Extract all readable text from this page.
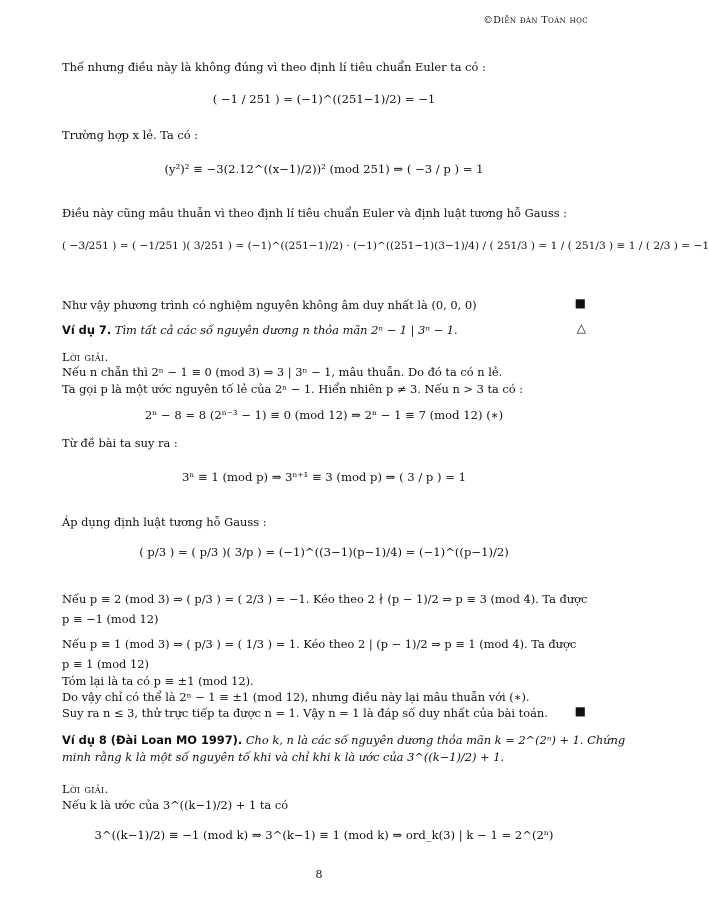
©Diễn đàn Toán học
Thế nhưng điều này là không đúng vì theo định lí tiêu chuẩn Euler ta có :
( −1 / 251 ) = (−1)^((251−1)/2) = −1
Trường hợp x lẻ. Ta có :
(y²)² ≡ −3(2.12^((x−1)/2))² (mod 251) ⇒ ( −3 / p ) = 1
Điều này cũng mâu thuẫn vì theo định lí tiêu chuẩn Euler và định luật tương hỗ Gauss :
( −3/251 ) = ( −1/251 )( 3/251 ) = (−1)^((251−1)/2) · (−1)^((251−1)(3−1)/4) / ( 251/3 ) = 1 / ( 251/3 ) ≡ 1 / ( 2/3 ) = −1
Như vậy phương trình có nghiệm nguyên không âm duy nhất là (0, 0, 0)	■
Ví dụ 7. Tìm tất cả các số nguyên dương n thỏa mãn 2ⁿ − 1 | 3ⁿ − 1.	△
Lời giải.
Nếu n chẵn thì 2ⁿ − 1 ≡ 0 (mod 3) ⇒ 3 | 3ⁿ − 1, mâu thuẫn. Do đó ta có n lẻ.
Ta gọi p là một ước nguyên tố lẻ của 2ⁿ − 1. Hiển nhiên p ≠ 3. Nếu n > 3 ta có :
2ⁿ − 8 = 8 (2ⁿ⁻³ − 1) ≡ 0 (mod 12) ⇒ 2ⁿ − 1 ≡ 7 (mod 12) (∗)
Từ đề bài ta suy ra :
3ⁿ ≡ 1 (mod p) ⇒ 3ⁿ⁺¹ ≡ 3 (mod p) ⇒ ( 3 / p ) = 1
Áp dụng định luật tương hỗ Gauss :
( p/3 ) = ( p/3 )( 3/p ) = (−1)^((3−1)(p−1)/4) = (−1)^((p−1)/2)
Nếu p ≡ 2 (mod 3) ⇒ ( p/3 ) = ( 2/3 ) = −1. Kéo theo 2 ∤ (p − 1)/2 ⇒ p ≡ 3 (mod 4). Ta được
p ≡ −1 (mod 12)
Nếu p ≡ 1 (mod 3) ⇒ ( p/3 ) = ( 1/3 ) = 1. Kéo theo 2 | (p − 1)/2 ⇒ p ≡ 1 (mod 4). Ta được
p ≡ 1 (mod 12)
Tóm lại là ta có p ≡ ±1 (mod 12).
Do vậy chỉ có thể là 2ⁿ − 1 ≡ ±1 (mod 12), nhưng điều này lại mâu thuẫn với (∗).
Suy ra n ≤ 3, thử trực tiếp ta được n = 1. Vậy n = 1 là đáp số duy nhất của bài toán.	■
Ví dụ 8 (Đài Loan MO 1997). Cho k, n là các số nguyên dương thỏa mãn k = 2^(2ⁿ) + 1. Chứng
minh rằng k là một số nguyên tố khi và chỉ khi k là ước của 3^((k−1)/2) + 1.
Lời giải.
Nếu k là ước của 3^((k−1)/2) + 1 ta có
3^((k−1)/2) ≡ −1 (mod k) ⇒ 3^(k−1) ≡ 1 (mod k) ⇒ ord_k(3) | k − 1 = 2^(2ⁿ)
8
